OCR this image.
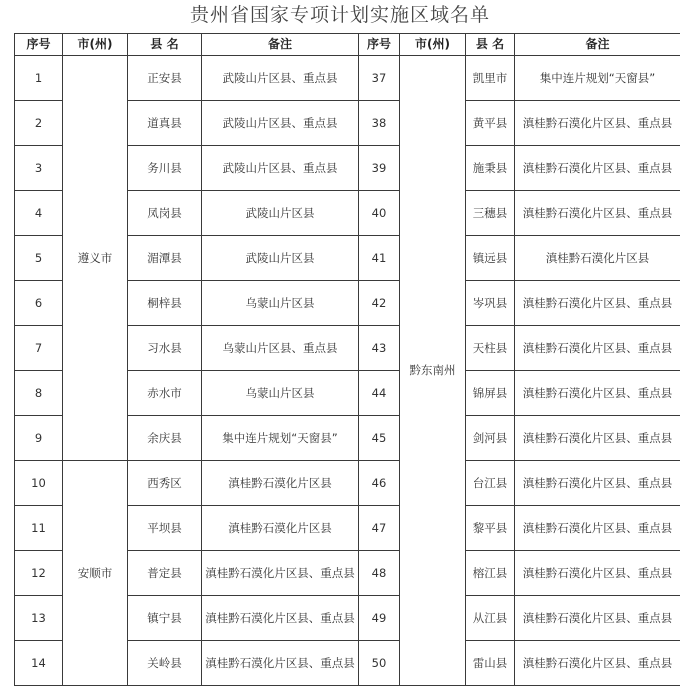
贵州省国家专项计划实施区域名单
序号	市(州)	县 名	备注	序号	市(州)	县 名	备注
1	遵义市	正安县	武陵山片区县、重点县	37	黔东南州	凯里市	集中连片规划“天窗县”
2		道真县	武陵山片区县、重点县	38		黄平县	滇桂黔石漠化片区县、重点县
3		务川县	武陵山片区县、重点县	39		施秉县	滇桂黔石漠化片区县、重点县
4		凤岗县	武陵山片区县	40		三穗县	滇桂黔石漠化片区县、重点县
5		湄潭县	武陵山片区县	41		镇远县	滇桂黔石漠化片区县
6		桐梓县	乌蒙山片区县	42		岑巩县	滇桂黔石漠化片区县、重点县
7		习水县	乌蒙山片区县、重点县	43		天柱县	滇桂黔石漠化片区县、重点县
8		赤水市	乌蒙山片区县	44		锦屏县	滇桂黔石漠化片区县、重点县
9		余庆县	集中连片规划“天窗县”	45		剑河县	滇桂黔石漠化片区县、重点县
10	安顺市	西秀区	滇桂黔石漠化片区县	46		台江县	滇桂黔石漠化片区县、重点县
11		平坝县	滇桂黔石漠化片区县	47		黎平县	滇桂黔石漠化片区县、重点县
12		普定县	滇桂黔石漠化片区县、重点县	48		榕江县	滇桂黔石漠化片区县、重点县
13		镇宁县	滇桂黔石漠化片区县、重点县	49		从江县	滇桂黔石漠化片区县、重点县
14		关岭县	滇桂黔石漠化片区县、重点县	50		雷山县	滇桂黔石漠化片区县、重点县
